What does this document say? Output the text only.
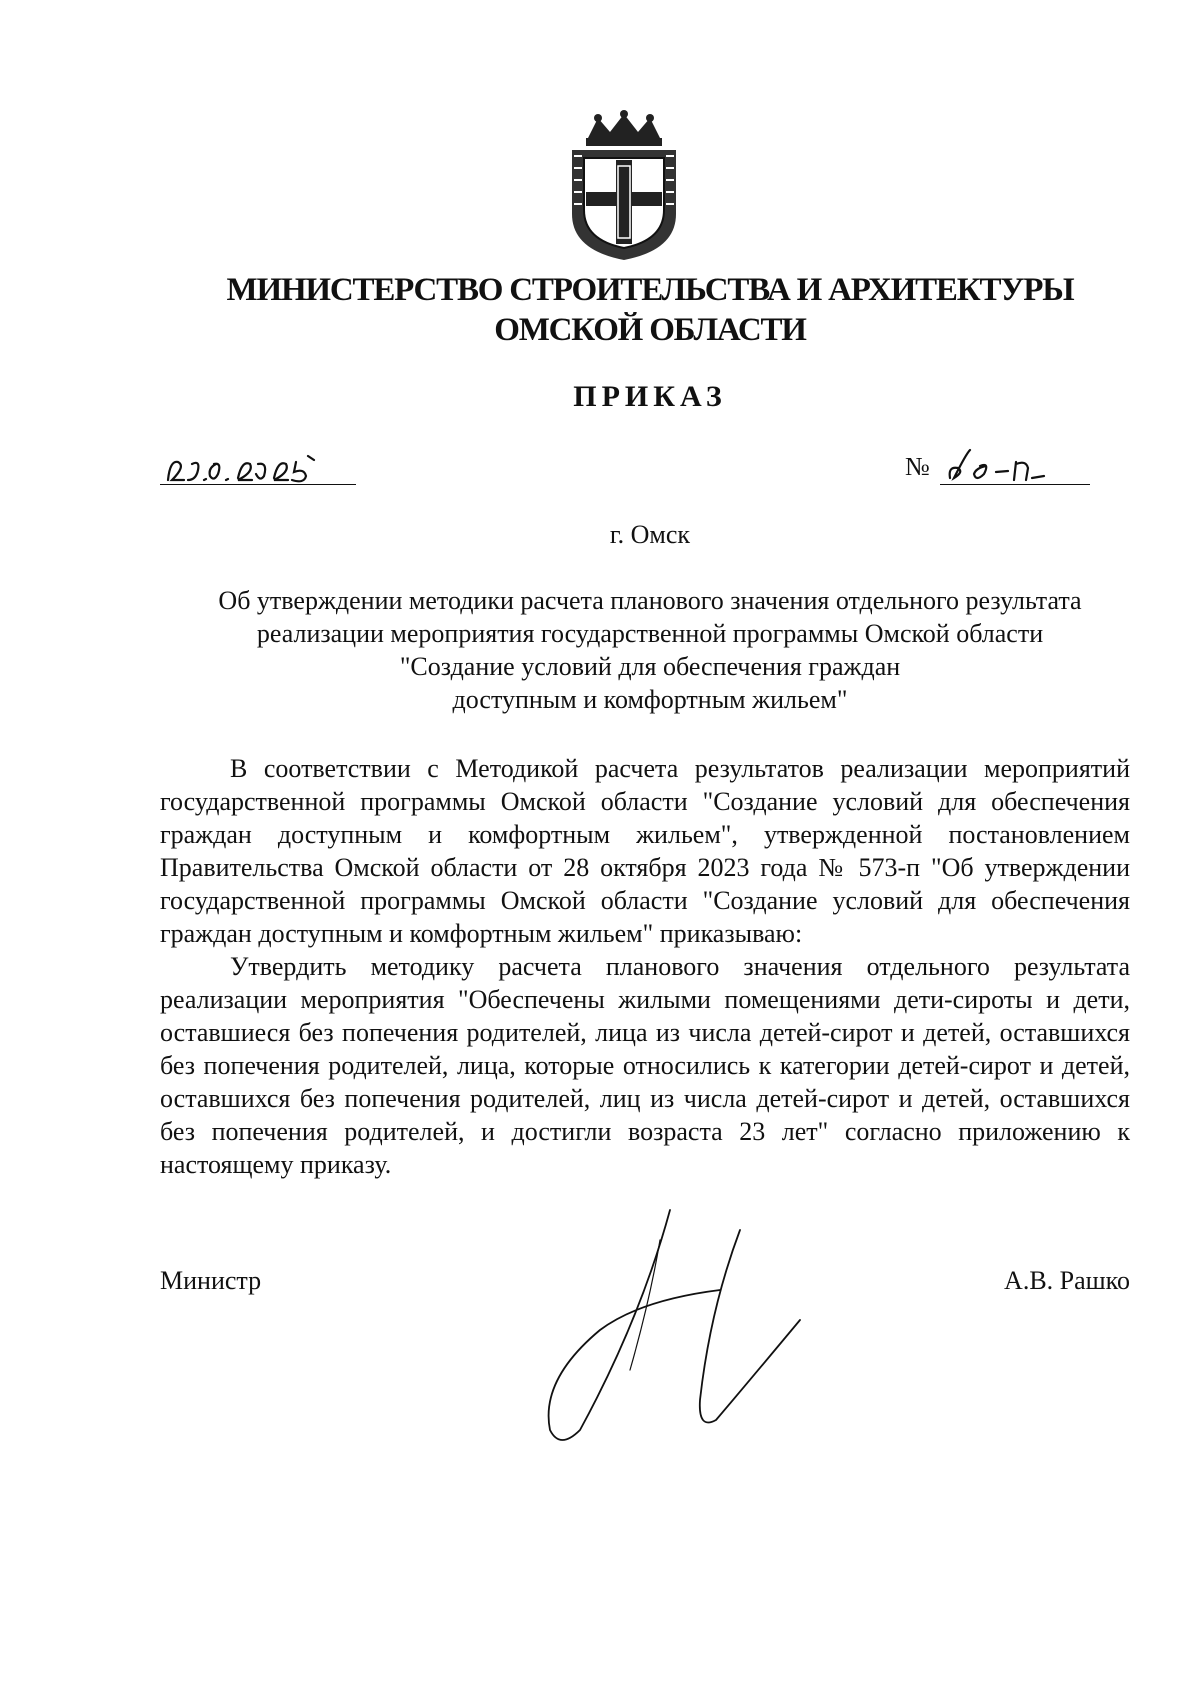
МИНИСТЕРСТВО СТРОИТЕЛЬСТВА И АРХИТЕКТУРЫ
ОМСКОЙ ОБЛАСТИ
ПРИКАЗ
№
г. Омск
Об утверждении методики расчета планового значения отдельного результата
реализации мероприятия государственной программы Омской области
"Создание условий для обеспечения граждан
доступным и комфортным жильем"

В соответствии с Методикой расчета результатов реализации мероприятий государственной программы Омской области "Создание условий для обеспечения граждан доступным и комфортным жильем", утвержденной постановлением Правительства Омской области от 28 октября 2023 года № 573-п "Об утверждении государственной программы Омской области "Создание условий для обеспечения граждан доступным и комфортным жильем" приказываю:

Утвердить методику расчета планового значения отдельного результата реализации мероприятия "Обеспечены жилыми помещениями дети-сироты и дети, оставшиеся без попечения родителей, лица из числа детей-сирот и детей, оставшихся без попечения родителей, лица, которые относились к категории детей-сирот и детей, оставшихся без попечения родителей, лиц из числа детей-сирот и детей, оставшихся без попечения родителей, и достигли возраста 23 лет" согласно приложению к настоящему приказу.

Министр	А.В. Рашко
